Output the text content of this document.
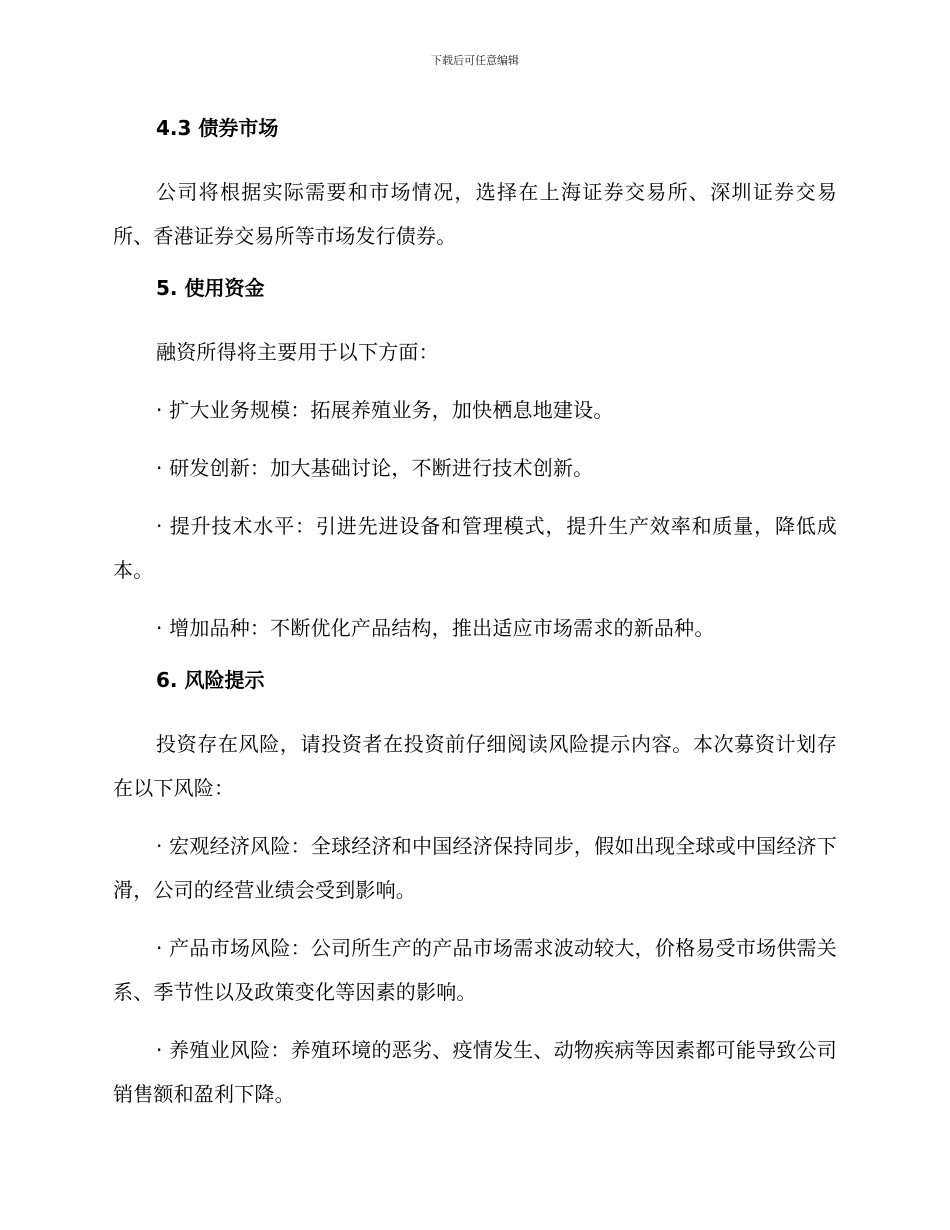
下载后可任意编辑
4.3 债券市场

公司将根据实际需要和市场情况，选择在上海证券交易所、深圳证券交易所、香港证券交易所等市场发行债券。

5. 使用资金

融资所得将主要用于以下方面：

· 扩大业务规模：拓展养殖业务，加快栖息地建设。

· 研发创新：加大基础讨论，不断进行技术创新。

· 提升技术水平：引进先进设备和管理模式，提升生产效率和质量，降低成本。

· 增加品种：不断优化产品结构，推出适应市场需求的新品种。

6. 风险提示

投资存在风险，请投资者在投资前仔细阅读风险提示内容。本次募资计划存在以下风险：

· 宏观经济风险：全球经济和中国经济保持同步，假如出现全球或中国经济下滑，公司的经营业绩会受到影响。

· 产品市场风险：公司所生产的产品市场需求波动较大，价格易受市场供需关系、季节性以及政策变化等因素的影响。

· 养殖业风险：养殖环境的恶劣、疫情发生、动物疾病等因素都可能导致公司销售额和盈利下降。
